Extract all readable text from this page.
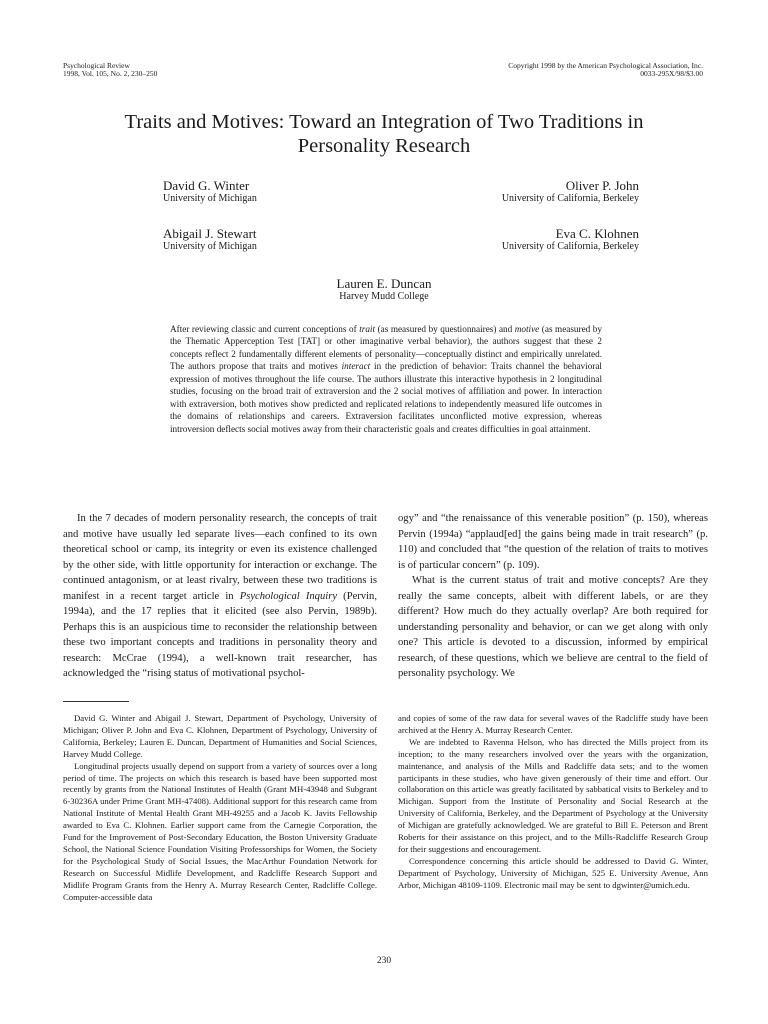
Psychological Review
1998, Vol. 105, No. 2, 230–250
Copyright 1998 by the American Psychological Association, Inc.
0033-295X/98/$3.00
Traits and Motives: Toward an Integration of Two Traditions in
Personality Research
David G. Winter
University of Michigan
Oliver P. John
University of California, Berkeley
Abigail J. Stewart
University of Michigan
Eva C. Klohnen
University of California, Berkeley
Lauren E. Duncan
Harvey Mudd College

After reviewing classic and current conceptions of trait (as measured by questionnaires) and motive (as measured by the Thematic Apperception Test [TAT] or other imaginative verbal behavior), the authors suggest that these 2 concepts reflect 2 fundamentally different elements of personality—conceptually distinct and empirically unrelated. The authors propose that traits and motives interact in the prediction of behavior: Traits channel the behavioral expression of motives throughout the life course. The authors illustrate this interactive hypothesis in 2 longitudinal studies, focusing on the broad trait of extraversion and the 2 social motives of affiliation and power. In interaction with extraversion, both motives show predicted and replicated relations to independently measured life outcomes in the domains of relationships and careers. Extraversion facilitates unconflicted motive expression, whereas introversion deflects social motives away from their characteristic goals and creates difficulties in goal attainment.

In the 7 decades of modern personality research, the concepts of trait and motive have usually led separate lives—each confined to its own theoretical school or camp, its integrity or even its existence challenged by the other side, with little opportunity for interaction or exchange. The continued antagonism, or at least rivalry, between these two traditions is manifest in a recent target article in Psychological Inquiry (Pervin, 1994a), and the 17 replies that it elicited (see also Pervin, 1989b). Perhaps this is an auspicious time to reconsider the relationship between these two important concepts and traditions in personality theory and research: McCrae (1994), a well-known trait researcher, has acknowledged the “rising status of motivational psychol-

ogy” and “the renaissance of this venerable position” (p. 150), whereas Pervin (1994a) “applaud[ed] the gains being made in trait research” (p. 110) and concluded that “the question of the relation of traits to motives is of particular concern” (p. 109).

What is the current status of trait and motive concepts? Are they really the same concepts, albeit with different labels, or are they different? How much do they actually overlap? Are both required for understanding personality and behavior, or can we get along with only one? This article is devoted to a discussion, informed by empirical research, of these questions, which we believe are central to the field of personality psychology. We

David G. Winter and Abigail J. Stewart, Department of Psychology, University of Michigan; Oliver P. John and Eva C. Klohnen, Department of Psychology, University of California, Berkeley; Lauren E. Duncan, Department of Humanities and Social Sciences, Harvey Mudd College.

Longitudinal projects usually depend on support from a variety of sources over a long period of time. The projects on which this research is based have been supported most recently by grants from the National Institutes of Health (Grant MH-43948 and Subgrant 6-30236A under Prime Grant MH-47408). Additional support for this research came from National Institute of Mental Health Grant MH-49255 and a Jacob K. Javits Fellowship awarded to Eva C. Klohnen. Earlier support came from the Carnegie Corporation, the Fund for the Improvement of Post-Secondary Education, the Boston University Graduate School, the National Science Foundation Visiting Professorships for Women, the Society for the Psychological Study of Social Issues, the MacArthur Foundation Network for Research on Successful Midlife Development, and Radcliffe Research Support and Midlife Program Grants from the Henry A. Murray Research Center, Radcliffe College. Computer-accessible data

and copies of some of the raw data for several waves of the Radcliffe study have been archived at the Henry A. Murray Research Center.

We are indebted to Ravenna Helson, who has directed the Mills project from its inception; to the many researchers involved over the years with the organization, maintenance, and analysis of the Mills and Radcliffe data sets; and to the women participants in these studies, who have given generously of their time and effort. Our collaboration on this article was greatly facilitated by sabbatical visits to Berkeley and to Michigan. Support from the Institute of Personality and Social Research at the University of California, Berkeley, and the Department of Psychology at the University of Michigan are gratefully acknowledged. We are grateful to Bill E. Peterson and Brent Roberts for their assistance on this project, and to the Mills-Radcliffe Research Group for their suggestions and encouragement.

Correspondence concerning this article should be addressed to David G. Winter, Department of Psychology, University of Michigan, 525 E. University Avenue, Ann Arbor, Michigan 48109-1109. Electronic mail may be sent to dgwinter@umich.edu.

230
